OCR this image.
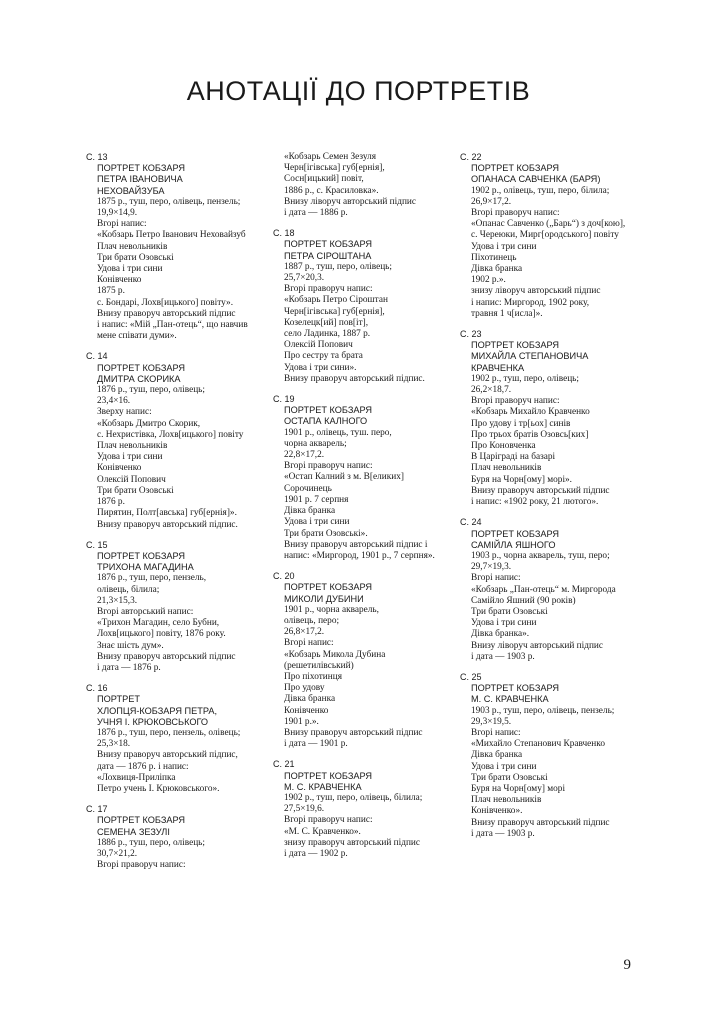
АНОТАЦІЇ ДО ПОРТРЕТІВ
С. 13
ПОРТРЕТ КОБЗАРЯ
ПЕТРА ІВАНОВИЧА
НЕХОВАЙЗУБА
1875 р., туш, перо, олівець, пензель;
19,9×14,9.
Вгорі напис:
«Кобзарь Петро Іванович Неховайзуб
Плач невольників
Три брати Озовські
Удова і три сини
Конівченко
1875 р.
с. Бондарі, Лохв[ицького] повіту».
Внизу праворуч авторський підпис
і напис: «Мій „Пан-отець“, що навчив
мене співати думи».
С. 14
ПОРТРЕТ КОБЗАРЯ
ДМИТРА СКОРИКА
1876 р., туш, перо, олівець;
23,4×16.
Зверху напис:
«Кобзарь Дмитро Скорик,
с. Нехристівка, Лохв[ицького] повіту
Плач невольників
Удова і три сини
Конівченко
Олексій Попович
Три брати Озовські
1876 р.
Пирятин, Полт[авська] губ[ернія]».
Внизу праворуч авторський підпис.
С. 15
ПОРТРЕТ КОБЗАРЯ
ТРИХОНА МАГАДИНА
1876 р., туш, перо, пензель,
олівець, білила;
21,3×15,3.
Вгорі авторський напис:
«Трихон Магадин, село Бубни,
Лохв[ицького] повіту, 1876 року.
Знає шість дум».
Внизу праворуч авторський підпис
і дата — 1876 р.
С. 16
ПОРТРЕТ
ХЛОПЦЯ-КОБЗАРЯ ПЕТРА,
УЧНЯ І. КРЮКОВСЬКОГО
1876 р., туш, перо, пензель, олівець;
25,3×18.
Внизу праворуч авторський підпис,
дата — 1876 р. і напис:
«Лохвиця-Приліпка
Петро учень І. Крюковського».
С. 17
ПОРТРЕТ КОБЗАРЯ
СЕМЕНА ЗЕЗУЛІ
1886 р., туш, перо, олівець;
30,7×21,2.
Вгорі праворуч напис:
«Кобзарь Семен Зезуля
Черн[ігівська] губ[ернія],
Сосн[ицький] повіт,
1886 р., с. Красиловка».
Внизу ліворуч авторський підпис
і дата — 1886 р.
С. 18
ПОРТРЕТ КОБЗАРЯ
ПЕТРА СІРОШТАНА
1887 р., туш, перо, олівець;
25,7×20,3.
Вгорі праворуч напис:
«Кобзарь Петро Сіроштан
Черн[ігівська] губ[ернія],
Козелецк[ий] пов[іт],
село Ладинка, 1887 р.
Олексій Попович
Про сестру та брата
Удова і три сини».
Внизу праворуч авторський підпис.
С. 19
ПОРТРЕТ КОБЗАРЯ
ОСТАПА КАЛНОГО
1901 р., олівець, туш. перо,
чорна акварель;
22,8×17,2.
Вгорі праворуч напис:
«Остап Калний з м. В[еликих]
Сорочинець
1901 р. 7 серпня
Дівка бранка
Удова і три сини
Три брати Озовські».
Внизу праворуч авторський підпис і
напис: «Миргород, 1901 р., 7 серпня».
С. 20
ПОРТРЕТ КОБЗАРЯ
МИКОЛИ ДУБИНИ
1901 р., чорна акварель,
олівець, перо;
26,8×17,2.
Вгорі напис:
«Кобзарь Микола Дубина
(решетилівський)
Про піхотинця
Про удову
Дівка бранка
Конівченко
1901 р.».
Внизу праворуч авторський підпис
і дата — 1901 р.
С. 21
ПОРТРЕТ КОБЗАРЯ
М. С. КРАВЧЕНКА
1902 р., туш, перо, олівець, білила;
27,5×19,6.
Вгорі праворуч напис:
«М. С. Кравченко».
знизу праворуч авторський підпис
і дата — 1902 р.
С. 22
ПОРТРЕТ КОБЗАРЯ
ОПАНАСА САВЧЕНКА (БАРЯ)
1902 р., олівець, туш, перо, білила;
26,9×17,2.
Вгорі праворуч напис:
«Опанас Савченко („Барь“) з доч[кою],
с. Череюки, Мирг[ородського] повіту
Удова і три сини
Піхотинець
Дівка бранка
1902 р.».
знизу ліворуч авторський підпис
і напис: Миргород, 1902 року,
травня 1 ч[исла]».
С. 23
ПОРТРЕТ КОБЗАРЯ
МИХАЙЛА СТЕПАНОВИЧА
КРАВЧЕНКА
1902 р., туш, перо, олівець;
26,2×18,7.
Вгорі праворуч напис:
«Кобзарь Михайло Кравченко
Про удову і тр[ьох] синів
Про трьох братів Озовсь[ких]
Про Коновченка
В Царіграді на базарі
Плач невольників
Буря на Чорн[ому] морі».
Внизу праворуч авторський підпис
і напис: «1902 року, 21 лютого».
С. 24
ПОРТРЕТ КОБЗАРЯ
САМІЙЛА ЯШНОГО
1903 р., чорна акварель, туш, перо;
29,7×19,3.
Вгорі напис:
«Кобзарь „Пан-отець“ м. Миргорода
Самійло Яшний (90 років)
Три брати Озовські
Удова і три сини
Дівка бранка».
Внизу ліворуч авторський підпис
і дата — 1903 р.
С. 25
ПОРТРЕТ КОБЗАРЯ
М. С. КРАВЧЕНКА
1903 р., туш, перо, олівець, пензель;
29,3×19,5.
Вгорі напис:
«Михайло Степанович Кравченко
Дівка бранка
Удова і три сини
Три брати Озовські
Буря на Чорн[ому] морі
Плач невольників
Конівченко».
Внизу праворуч авторський підпис
і дата — 1903 р.
9
